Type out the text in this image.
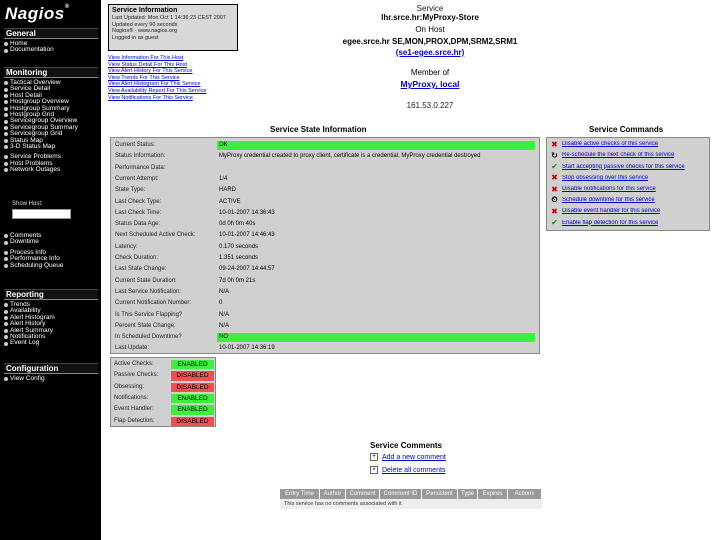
Nagios®
General
Home
Documentation
Monitoring
Tactical Overview
Service Detail
Host Detail
Hostgroup Overview
Hostgroup Summary
Hostgroup Grid
Servicegroup Overview
Servicegroup Summary
Servicegroup Grid
Status Map
3-D Status Map
Service Problems
Host Problems
Network Outages
Comments
Downtime
Process Info
Performance Info
Scheduling Queue
Reporting
Trends
Availability
Alert Histogram
Alert History
Alert Summary
Notifications
Event Log
Configuration
View Config
Show Host:
Service Information
Last Updated: Mon Oct 1 14:36:23 CEST 2007
Updated every 90 seconds
Nagios® - www.nagios.org
Logged in as guest
View Information For This Host
View Status Detail For This Host
View Alert History For This Service
View Trends For This Service
View Alert Histogram For This Service
View Availability Report For This Service
View Notifications For This Service
Service
lhr.srce.hr:MyProxy-Store
On Host
egee.srce.hr SE,MON,PROX,DPM,SRM2,SRM1
(se1-egee.srce.hr)
Member of
MyProxy, local
161.53.0.227
Service State Information
Current Status:	OK
Status Information:	MyProxy credential created to proxy client, certificate is a credential. MyProxy credential destroyed
Performance Data:
Current Attempt:	1/4
State Type:	HARD
Last Check Type:	ACTIVE
Last Check Time:	10-01-2007 14:36:43
Status Data Age:	0d 0h 0m 40s
Next Scheduled Active Check:	10-01-2007 14:46:43
Latency:	0.170 seconds
Check Duration:	1.351 seconds
Last State Change:	09-24-2007 14:44:57
Current State Duration:	7d 0h 0m 21s
Last Service Notification:	N/A
Current Notification Number:	0
Is This Service Flapping?	N/A
Percent State Change:	N/A
In Scheduled Downtime?	NO
Last Update:	10-01-2007 14:36:19
Active Checks:	ENABLED
Passive Checks:	DISABLED
Obsessing:	DISABLED
Notifications:	ENABLED
Event Handler:	ENABLED
Flap Detection:	DISABLED
Service Commands
✖ Disable active checks of this service
↻ Re-schedule the next check of this service
✔ Start accepting passive checks for this service
✖ Stop obsessing over this service
✖ Disable notifications for this service
⏲ Schedule downtime for this service
✖ Disable event handler for this service
✔ Enable flap detection for this service
Service Comments
+ Add a new comment
× Delete all comments
Entry Time	Author	Comment	Comment ID	Persistent	Type	Expires	Actions
This service has no comments associated with it
